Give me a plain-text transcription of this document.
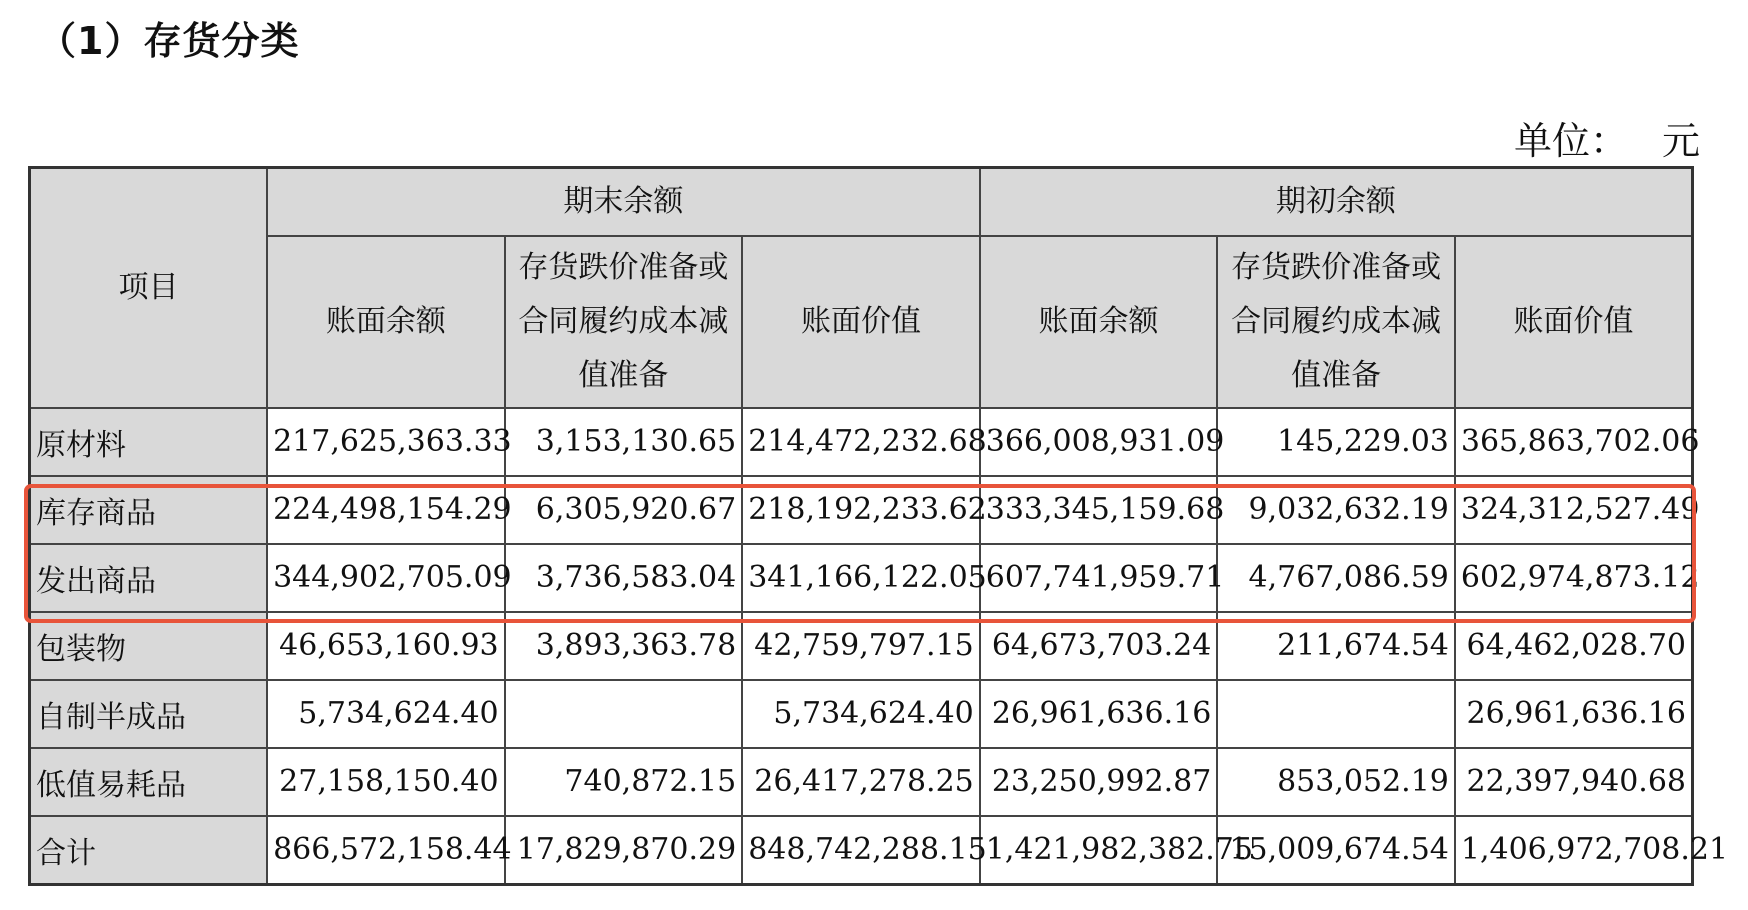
（1）存货分类
单位： 元
项目	期末余额			期初余额		
	账面余额	存货跌价准备或合同履约成本减值准备	账面价值	账面余额	存货跌价准备或合同履约成本减值准备	账面价值
原材料	217,625,363.33	3,153,130.65	214,472,232.68	366,008,931.09	145,229.03	365,863,702.06
库存商品	224,498,154.29	6,305,920.67	218,192,233.62	333,345,159.68	9,032,632.19	324,312,527.49
发出商品	344,902,705.09	3,736,583.04	341,166,122.05	607,741,959.71	4,767,086.59	602,974,873.12
包装物	46,653,160.93	3,893,363.78	42,759,797.15	64,673,703.24	211,674.54	64,462,028.70
自制半成品	5,734,624.40		5,734,624.40	26,961,636.16		26,961,636.16
低值易耗品	27,158,150.40	740,872.15	26,417,278.25	23,250,992.87	853,052.19	22,397,940.68
合计	866,572,158.44	17,829,870.29	848,742,288.15	1,421,982,382.75	15,009,674.54	1,406,972,708.21
